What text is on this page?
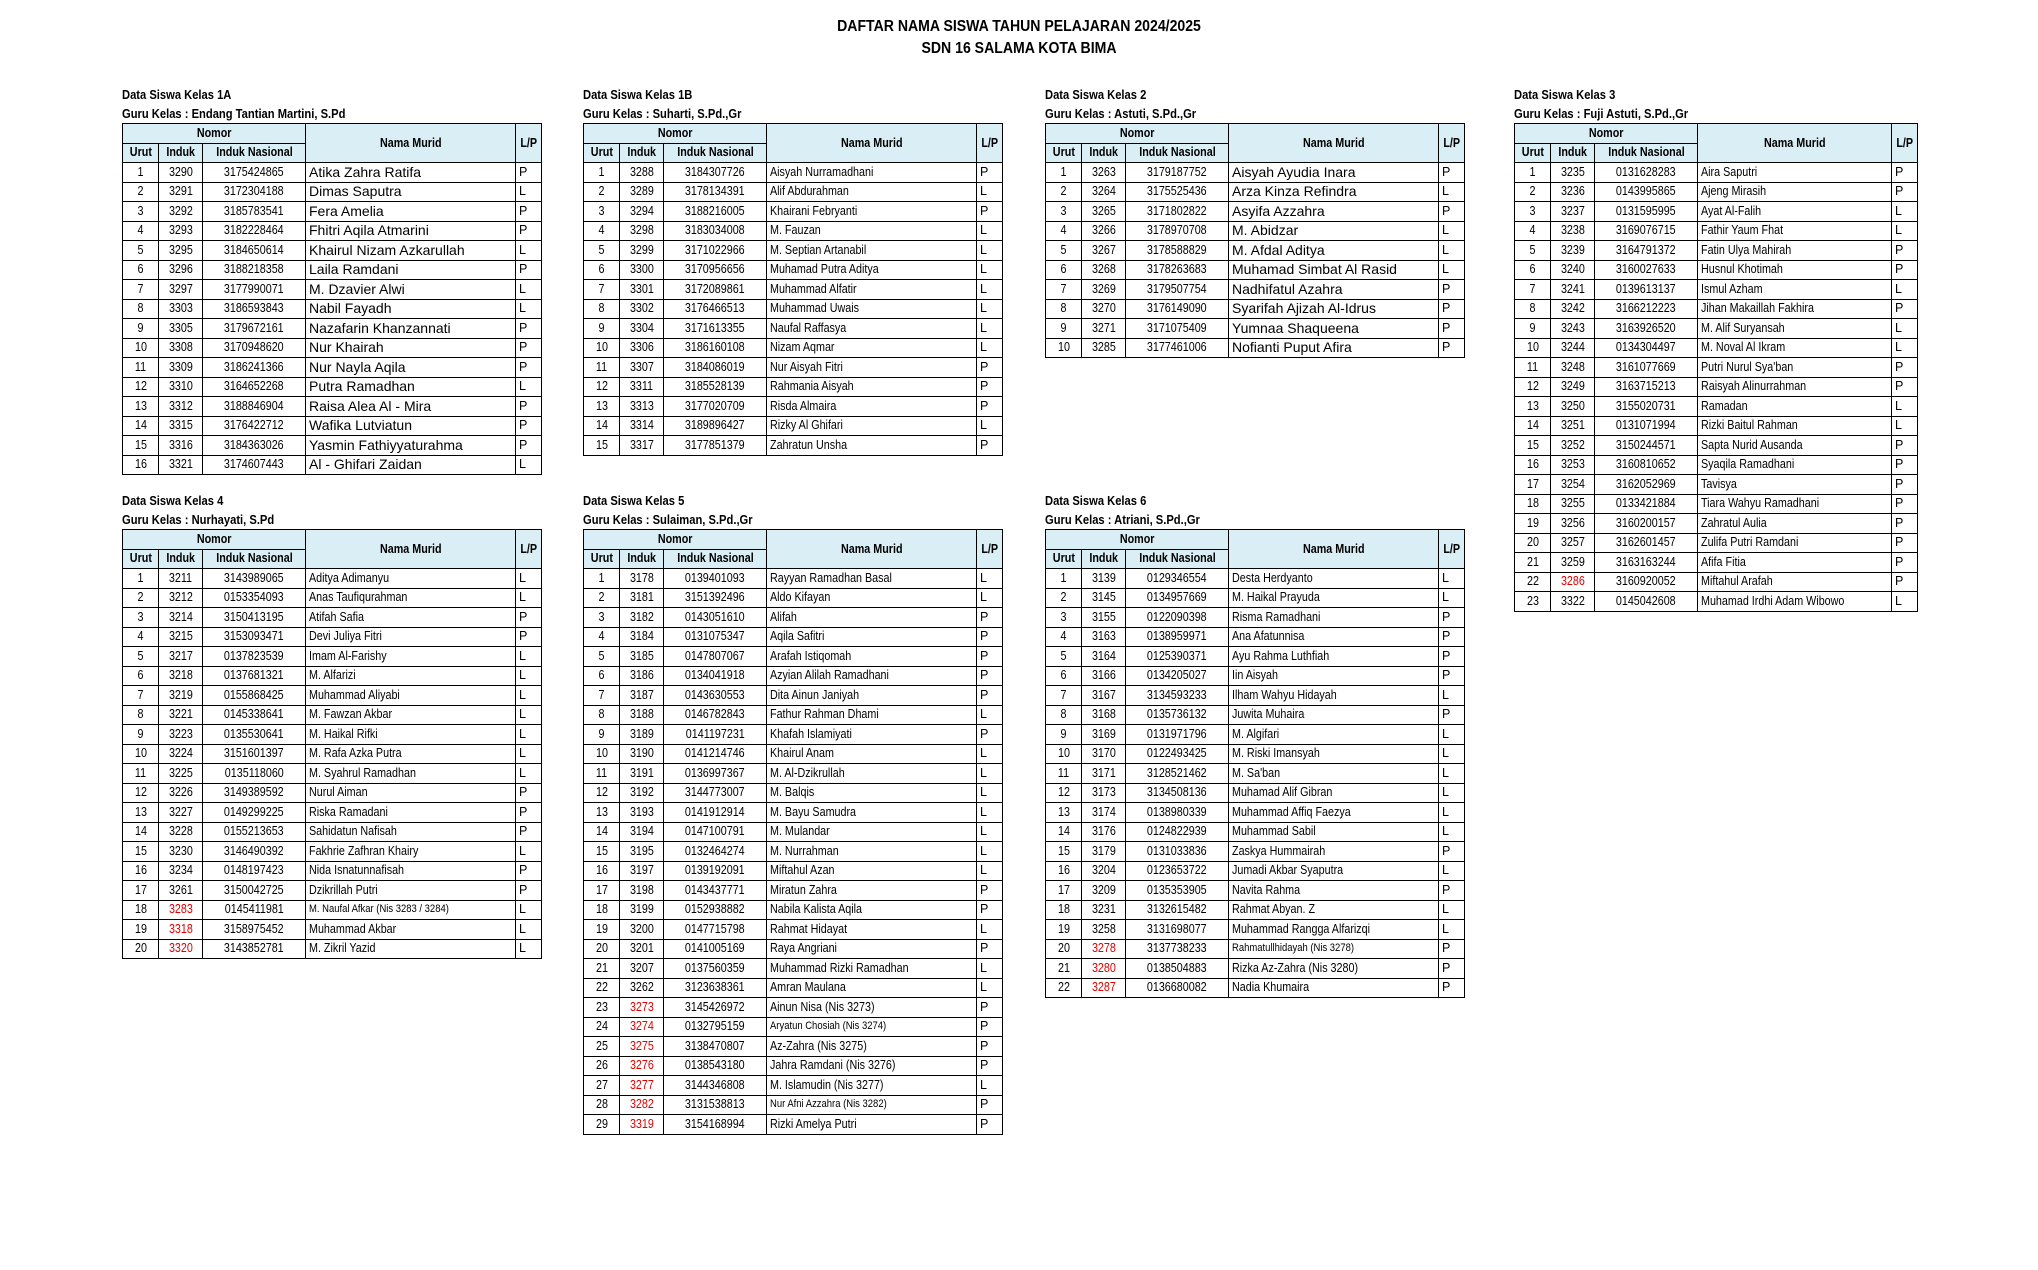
DAFTAR NAMA SISWA TAHUN PELAJARAN 2024/2025
SDN 16 SALAMA KOTA BIMA
Data Siswa Kelas 1A
Guru Kelas : Endang Tantian Martini, S.Pd
Nomor			Nama Murid	L/P
Urut	Induk	Induk Nasional		
1	3290	3175424865	Atika Zahra Ratifa	P
2	3291	3172304188	Dimas Saputra	L
3	3292	3185783541	Fera Amelia	P
4	3293	3182228464	Fhitri Aqila Atmarini	P
5	3295	3184650614	Khairul Nizam Azkarullah	L
6	3296	3188218358	Laila Ramdani	P
7	3297	3177990071	M. Dzavier Alwi	L
8	3303	3186593843	Nabil Fayadh	L
9	3305	3179672161	Nazafarin Khanzannati	P
10	3308	3170948620	Nur Khairah	P
11	3309	3186241366	Nur Nayla Aqila	P
12	3310	3164652268	Putra Ramadhan	L
13	3312	3188846904	Raisa Alea Al - Mira	P
14	3315	3176422712	Wafika Lutviatun	P
15	3316	3184363026	Yasmin Fathiyyaturahma	P
16	3321	3174607443	Al - Ghifari Zaidan	L
Data Siswa Kelas 1B
Guru Kelas : Suharti, S.Pd.,Gr
Nomor			Nama Murid	L/P
Urut	Induk	Induk Nasional		
1	3288	3184307726	Aisyah Nurramadhani	P
2	3289	3178134391	Alif Abdurahman	L
3	3294	3188216005	Khairani Febryanti	P
4	3298	3183034008	M. Fauzan	L
5	3299	3171022966	M. Septian Artanabil	L
6	3300	3170956656	Muhamad Putra Aditya	L
7	3301	3172089861	Muhammad Alfatir	L
8	3302	3176466513	Muhammad Uwais	L
9	3304	3171613355	Naufal Raffasya	L
10	3306	3186160108	Nizam Aqmar	L
11	3307	3184086019	Nur Aisyah Fitri	P
12	3311	3185528139	Rahmania Aisyah	P
13	3313	3177020709	Risda Almaira	P
14	3314	3189896427	Rizky Al Ghifari	L
15	3317	3177851379	Zahratun Unsha	P
Data Siswa Kelas 2
Guru Kelas : Astuti, S.Pd.,Gr
Nomor			Nama Murid	L/P
Urut	Induk	Induk Nasional		
1	3263	3179187752	Aisyah Ayudia Inara	P
2	3264	3175525436	Arza Kinza Refindra	L
3	3265	3171802822	Asyifa Azzahra	P
4	3266	3178970708	M. Abidzar	L
5	3267	3178588829	M. Afdal Aditya	L
6	3268	3178263683	Muhamad Simbat Al Rasid	L
7	3269	3179507754	Nadhifatul Azahra	P
8	3270	3176149090	Syarifah Ajizah Al-Idrus	P
9	3271	3171075409	Yumnaa Shaqueena	P
10	3285	3177461006	Nofianti Puput Afira	P
Data Siswa Kelas 3
Guru Kelas : Fuji Astuti, S.Pd.,Gr
Nomor			Nama Murid	L/P
Urut	Induk	Induk Nasional		
1	3235	0131628283	Aira Saputri	P
2	3236	0143995865	Ajeng Mirasih	P
3	3237	0131595995	Ayat Al-Falih	L
4	3238	3169076715	Fathir Yaum Fhat	L
5	3239	3164791372	Fatin Ulya Mahirah	P
6	3240	3160027633	Husnul Khotimah	P
7	3241	0139613137	Ismul Azham	L
8	3242	3166212223	Jihan Makaillah Fakhira	P
9	3243	3163926520	M. Alif Suryansah	L
10	3244	0134304497	M. Noval Al Ikram	L
11	3248	3161077669	Putri Nurul Sya'ban	P
12	3249	3163715213	Raisyah Alinurrahman	P
13	3250	3155020731	Ramadan	L
14	3251	0131071994	Rizki Baitul Rahman	L
15	3252	3150244571	Sapta Nurid Ausanda	P
16	3253	3160810652	Syaqila Ramadhani	P
17	3254	3162052969	Tavisya	P
18	3255	0133421884	Tiara Wahyu Ramadhani	P
19	3256	3160200157	Zahratul Aulia	P
20	3257	3162601457	Zulifa Putri Ramdani	P
21	3259	3163163244	Afifa Fitia	P
22	3286	3160920052	Miftahul Arafah	P
23	3322	0145042608	Muhamad Irdhi Adam Wibowo	L
Data Siswa Kelas 4
Guru Kelas : Nurhayati, S.Pd
Nomor			Nama Murid	L/P
Urut	Induk	Induk Nasional		
1	3211	3143989065	Aditya Adimanyu	L
2	3212	0153354093	Anas Taufiqurahman	L
3	3214	3150413195	Atifah Safia	P
4	3215	3153093471	Devi Juliya Fitri	P
5	3217	0137823539	Imam Al-Farishy	L
6	3218	0137681321	M. Alfarizi	L
7	3219	0155868425	Muhammad Aliyabi	L
8	3221	0145338641	M. Fawzan Akbar	L
9	3223	0135530641	M. Haikal Rifki	L
10	3224	3151601397	M. Rafa Azka Putra	L
11	3225	0135118060	M. Syahrul Ramadhan	L
12	3226	3149389592	Nurul Aiman	P
13	3227	0149299225	Riska Ramadani	P
14	3228	0155213653	Sahidatun Nafisah	P
15	3230	3146490392	Fakhrie Zafhran Khairy	L
16	3234	0148197423	Nida Isnatunnafisah	P
17	3261	3150042725	Dzikrillah Putri	P
18	3283	0145411981	M. Naufal Afkar (Nis 3283 / 3284)	L
19	3318	3158975452	Muhammad Akbar	L
20	3320	3143852781	M. Zikril Yazid	L
Data Siswa Kelas 5
Guru Kelas : Sulaiman, S.Pd.,Gr
Nomor			Nama Murid	L/P
Urut	Induk	Induk Nasional		
1	3178	0139401093	Rayyan Ramadhan Basal	L
2	3181	3151392496	Aldo Kifayan	L
3	3182	0143051610	Alifah	P
4	3184	0131075347	Aqila Safitri	P
5	3185	0147807067	Arafah Istiqomah	P
6	3186	0134041918	Azyian Alilah Ramadhani	P
7	3187	0143630553	Dita Ainun Janiyah	P
8	3188	0146782843	Fathur Rahman Dhami	L
9	3189	0141197231	Khafah Islamiyati	P
10	3190	0141214746	Khairul Anam	L
11	3191	0136997367	M. Al-Dzikrullah	L
12	3192	3144773007	M. Balqis	L
13	3193	0141912914	M. Bayu Samudra	L
14	3194	0147100791	M. Mulandar	L
15	3195	0132464274	M. Nurrahman	L
16	3197	0139192091	Miftahul Azan	L
17	3198	0143437771	Miratun Zahra	P
18	3199	0152938882	Nabila Kalista Aqila	P
19	3200	0147715798	Rahmat Hidayat	L
20	3201	0141005169	Raya Angriani	P
21	3207	0137560359	Muhammad Rizki Ramadhan	L
22	3262	3123638361	Amran Maulana	L
23	3273	3145426972	Ainun Nisa (Nis 3273)	P
24	3274	0132795159	Aryatun Chosiah (Nis 3274)	P
25	3275	3138470807	Az-Zahra (Nis 3275)	P
26	3276	0138543180	Jahra Ramdani (Nis 3276)	P
27	3277	3144346808	M. Islamudin (Nis 3277)	L
28	3282	3131538813	Nur Afni Azzahra (Nis 3282)	P
29	3319	3154168994	Rizki Amelya Putri	P
Data Siswa Kelas 6
Guru Kelas : Atriani, S.Pd.,Gr
Nomor			Nama Murid	L/P
Urut	Induk	Induk Nasional		
1	3139	0129346554	Desta Herdyanto	L
2	3145	0134957669	M. Haikal Prayuda	L
3	3155	0122090398	Risma Ramadhani	P
4	3163	0138959971	Ana Afatunnisa	P
5	3164	0125390371	Ayu Rahma Luthfiah	P
6	3166	0134205027	Iin Aisyah	P
7	3167	3134593233	Ilham Wahyu Hidayah	L
8	3168	0135736132	Juwita Muhaira	P
9	3169	0131971796	M. Algifari	L
10	3170	0122493425	M. Riski Imansyah	L
11	3171	3128521462	M. Sa'ban	L
12	3173	3134508136	Muhamad Alif Gibran	L
13	3174	0138980339	Muhammad Affiq Faezya	L
14	3176	0124822939	Muhammad Sabil	L
15	3179	0131033836	Zaskya Hummairah	P
16	3204	0123653722	Jumadi Akbar Syaputra	L
17	3209	0135353905	Navita Rahma	P
18	3231	3132615482	Rahmat Abyan. Z	L
19	3258	3131698077	Muhammad Rangga Alfarizqi	L
20	3278	3137738233	Rahmatullhidayah (Nis 3278)	P
21	3280	0138504883	Rizka Az-Zahra (Nis 3280)	P
22	3287	0136680082	Nadia Khumaira	P
